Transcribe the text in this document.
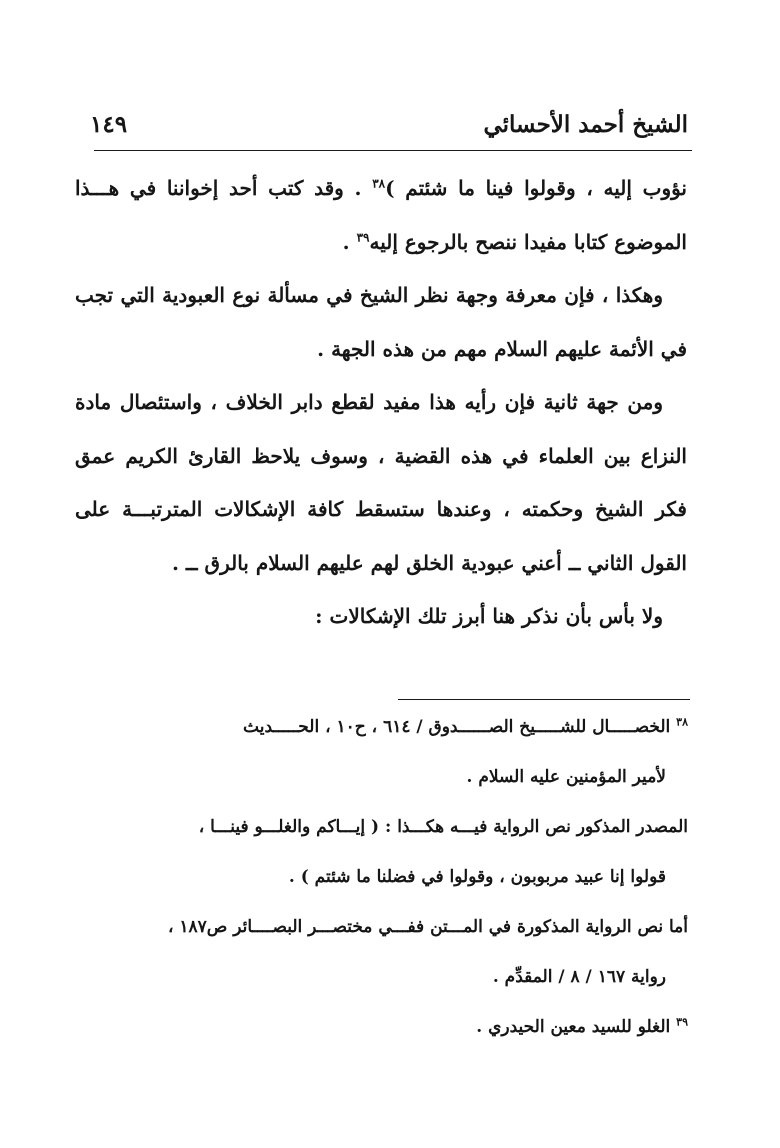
الشيخ أحمد الأحسائي
١٤٩

نؤوب إليه ، وقولوا فينا ما شئتم )$^{٣٨}$ . وقد كتب أحد إخواننا في هـــذا الموضوع كتابا مفيدا ننصح بالرجوع إليه$^{٣٩}$ .

وهكذا ، فإن معرفة وجهة نظر الشيخ في مسألة نوع العبودية التي تجب في الأئمة عليهم السلام مهم من هذه الجهة .

ومن جهة ثانية فإن رأيه هذا مفيد لقطع دابر الخلاف ، واستئصال مادة النزاع بين العلماء في هذه القضية ، وسوف يلاحظ القارئ الكريم عمق فكر الشيخ وحكمته ، وعندها ستسقط كافة الإشكالات المترتبـــة على القول الثاني ــ أعني عبودية الخلق لهم عليهم السلام بالرق ــ .

ولا بأس بأن نذكر هنا أبرز تلك الإشكالات :

$^{٣٨}$ الخصـــــال للشـــــيخ الصــــــدوق / ٦١٤ ، ح١٠ ، الحـــــديث

لأمير المؤمنين عليه السلام .

المصدر المذكور نص الرواية فيـــه هكـــذا : ( إيـــاكم والغلـــو فينـــا ،

قولوا إنا عبيد مربوبون ، وقولوا في فضلنا ما شئتم ) .

أما نص الرواية المذكورة في المـــتن ففـــي مختصـــر البصــــائر ص١٨٧ ،

رواية ١٦٧ / ٨ / المقدِّم .

$^{٣٩}$ الغلو للسيد معين الحيدري .
